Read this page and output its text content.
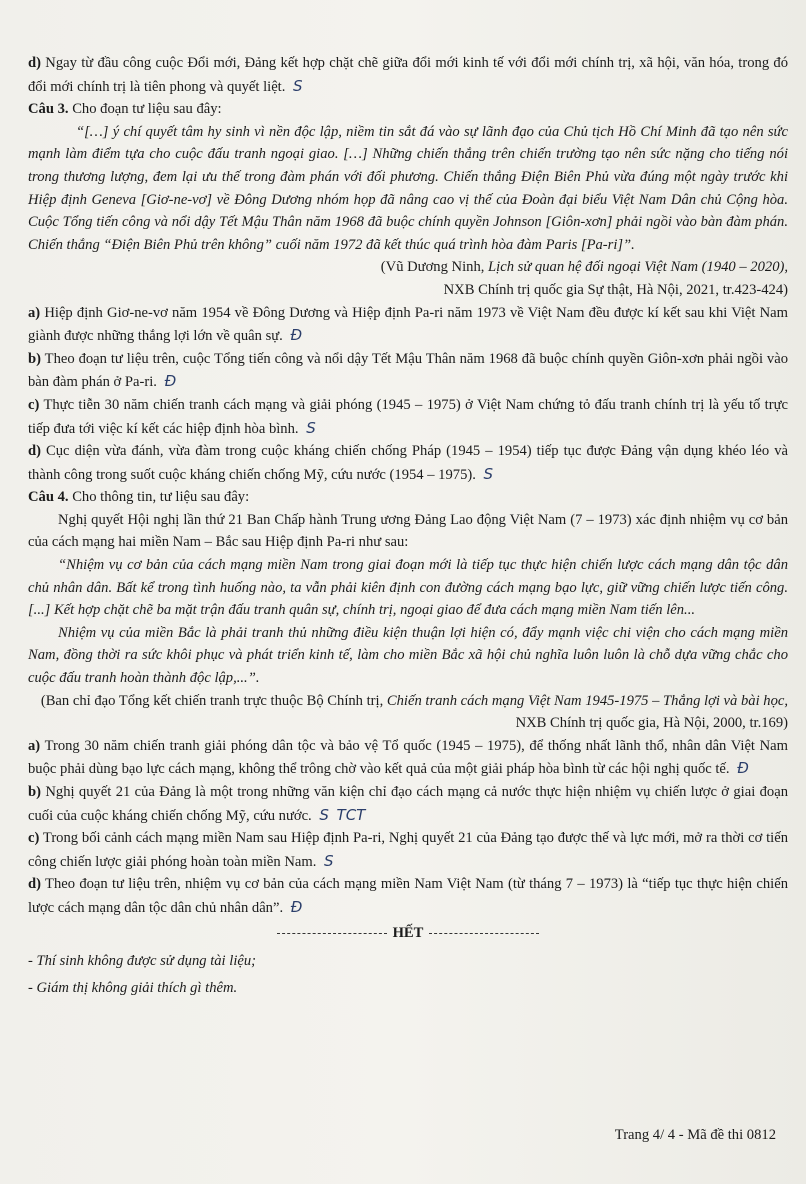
d) Ngay từ đầu công cuộc Đổi mới, Đảng kết hợp chặt chẽ giữa đổi mới kinh tế với đổi mới chính trị, xã hội, văn hóa, trong đó đổi mới chính trị là tiên phong và quyết liệt. S

Câu 3. Cho đoạn tư liệu sau đây:

“[…] ý chí quyết tâm hy sinh vì nền độc lập, niềm tin sắt đá vào sự lãnh đạo của Chủ tịch Hồ Chí Minh đã tạo nên sức mạnh làm điểm tựa cho cuộc đấu tranh ngoại giao. […] Những chiến thắng trên chiến trường tạo nên sức nặng cho tiếng nói trong thương lượng, đem lại ưu thế trong đàm phán với đối phương. Chiến thắng Điện Biên Phủ vừa đúng một ngày trước khi Hiệp định Geneva [Giơ-ne-vơ] về Đông Dương nhóm họp đã nâng cao vị thế của Đoàn đại biểu Việt Nam Dân chủ Cộng hòa. Cuộc Tổng tiến công và nổi dậy Tết Mậu Thân năm 1968 đã buộc chính quyền Johnson [Giôn-xơn] phải ngồi vào bàn đàm phán. Chiến thắng “Điện Biên Phủ trên không” cuối năm 1972 đã kết thúc quá trình hòa đàm Paris [Pa-ri]”.

(Vũ Dương Ninh, Lịch sử quan hệ đối ngoại Việt Nam (1940 – 2020),

NXB Chính trị quốc gia Sự thật, Hà Nội, 2021, tr.423-424)

a) Hiệp định Giơ-ne-vơ năm 1954 về Đông Dương và Hiệp định Pa-ri năm 1973 về Việt Nam đều được kí kết sau khi Việt Nam giành được những thắng lợi lớn về quân sự. Đ

b) Theo đoạn tư liệu trên, cuộc Tổng tiến công và nổi dậy Tết Mậu Thân năm 1968 đã buộc chính quyền Giôn-xơn phải ngồi vào bàn đàm phán ở Pa-ri. Đ

c) Thực tiễn 30 năm chiến tranh cách mạng và giải phóng (1945 – 1975) ở Việt Nam chứng tỏ đấu tranh chính trị là yếu tố trực tiếp đưa tới việc kí kết các hiệp định hòa bình. S

d) Cục diện vừa đánh, vừa đàm trong cuộc kháng chiến chống Pháp (1945 – 1954) tiếp tục được Đảng vận dụng khéo léo và thành công trong suốt cuộc kháng chiến chống Mỹ, cứu nước (1954 – 1975). S

Câu 4. Cho thông tin, tư liệu sau đây:

Nghị quyết Hội nghị lần thứ 21 Ban Chấp hành Trung ương Đảng Lao động Việt Nam (7 – 1973) xác định nhiệm vụ cơ bản của cách mạng hai miền Nam – Bắc sau Hiệp định Pa-ri như sau:

“Nhiệm vụ cơ bản của cách mạng miền Nam trong giai đoạn mới là tiếp tục thực hiện chiến lược cách mạng dân tộc dân chủ nhân dân. Bất kể trong tình huống nào, ta vẫn phải kiên định con đường cách mạng bạo lực, giữ vững chiến lược tiến công. [...] Kết hợp chặt chẽ ba mặt trận đấu tranh quân sự, chính trị, ngoại giao để đưa cách mạng miền Nam tiến lên...

Nhiệm vụ của miền Bắc là phải tranh thủ những điều kiện thuận lợi hiện có, đẩy mạnh việc chi viện cho cách mạng miền Nam, đồng thời ra sức khôi phục và phát triển kinh tế, làm cho miền Bắc xã hội chủ nghĩa luôn luôn là chỗ dựa vững chắc cho cuộc đấu tranh hoàn thành độc lập,...”.

(Ban chỉ đạo Tổng kết chiến tranh trực thuộc Bộ Chính trị, Chiến tranh cách mạng Việt Nam 1945-1975 – Thắng lợi và bài học, NXB Chính trị quốc gia, Hà Nội, 2000, tr.169)

a) Trong 30 năm chiến tranh giải phóng dân tộc và bảo vệ Tổ quốc (1945 – 1975), để thống nhất lãnh thổ, nhân dân Việt Nam buộc phải dùng bạo lực cách mạng, không thể trông chờ vào kết quả của một giải pháp hòa bình từ các hội nghị quốc tế. Đ

b) Nghị quyết 21 của Đảng là một trong những văn kiện chỉ đạo cách mạng cả nước thực hiện nhiệm vụ chiến lược ở giai đoạn cuối của cuộc kháng chiến chống Mỹ, cứu nước. S TCT

c) Trong bối cảnh cách mạng miền Nam sau Hiệp định Pa-ri, Nghị quyết 21 của Đảng tạo được thế và lực mới, mở ra thời cơ tiến công chiến lược giải phóng hoàn toàn miền Nam. S

d) Theo đoạn tư liệu trên, nhiệm vụ cơ bản của cách mạng miền Nam Việt Nam (từ tháng 7 – 1973) là “tiếp tục thực hiện chiến lược cách mạng dân tộc dân chủ nhân dân”. Đ

HẾT

- Thí sinh không được sử dụng tài liệu;

- Giám thị không giải thích gì thêm.

Trang 4/ 4 - Mã đề thi 0812
